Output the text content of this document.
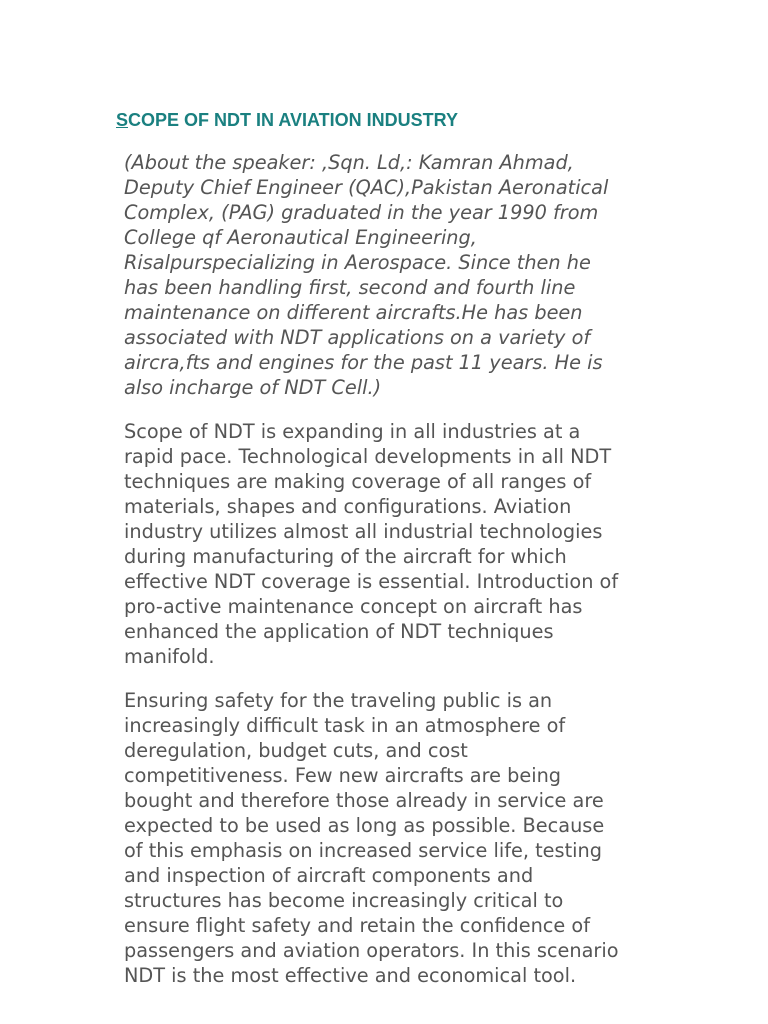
SCOPE OF NDT IN AVIATION INDUSTRY

(About the speaker: ,Sqn. Ld,: Kamran Ahmad,
Deputy Chief Engineer (QAC),Pakistan Aeronatical
Complex, (PAG) graduated in the year 1990 from
College qf Aeronautical Engineering,
Risalpurspecializing in Aerospace. Since then he
has been handling first, second and fourth line
maintenance on different aircrafts.He has been
associated with NDT applications on a variety of
aircra,fts and engines for the past 11 years. He is
also incharge of NDT Cell.)

Scope of NDT is expanding in all industries at a
rapid pace. Technological developments in all NDT
techniques are making coverage of all ranges of
materials, shapes and configurations. Aviation
industry utilizes almost all industrial technologies
during manufacturing of the aircraft for which
effective NDT coverage is essential. Introduction of
pro-active maintenance concept on aircraft has
enhanced the application of NDT techniques
manifold.

Ensuring safety for the traveling public is an
increasingly difficult task in an atmosphere of
deregulation, budget cuts, and cost
competitiveness. Few new aircrafts are being
bought and therefore those already in service are
expected to be used as long as possible. Because
of this emphasis on increased service life, testing
and inspection of aircraft components and
structures has become increasingly critical to
ensure flight safety and retain the confidence of
passengers and aviation operators. In this scenario
NDT is the most effective and economical tool.
